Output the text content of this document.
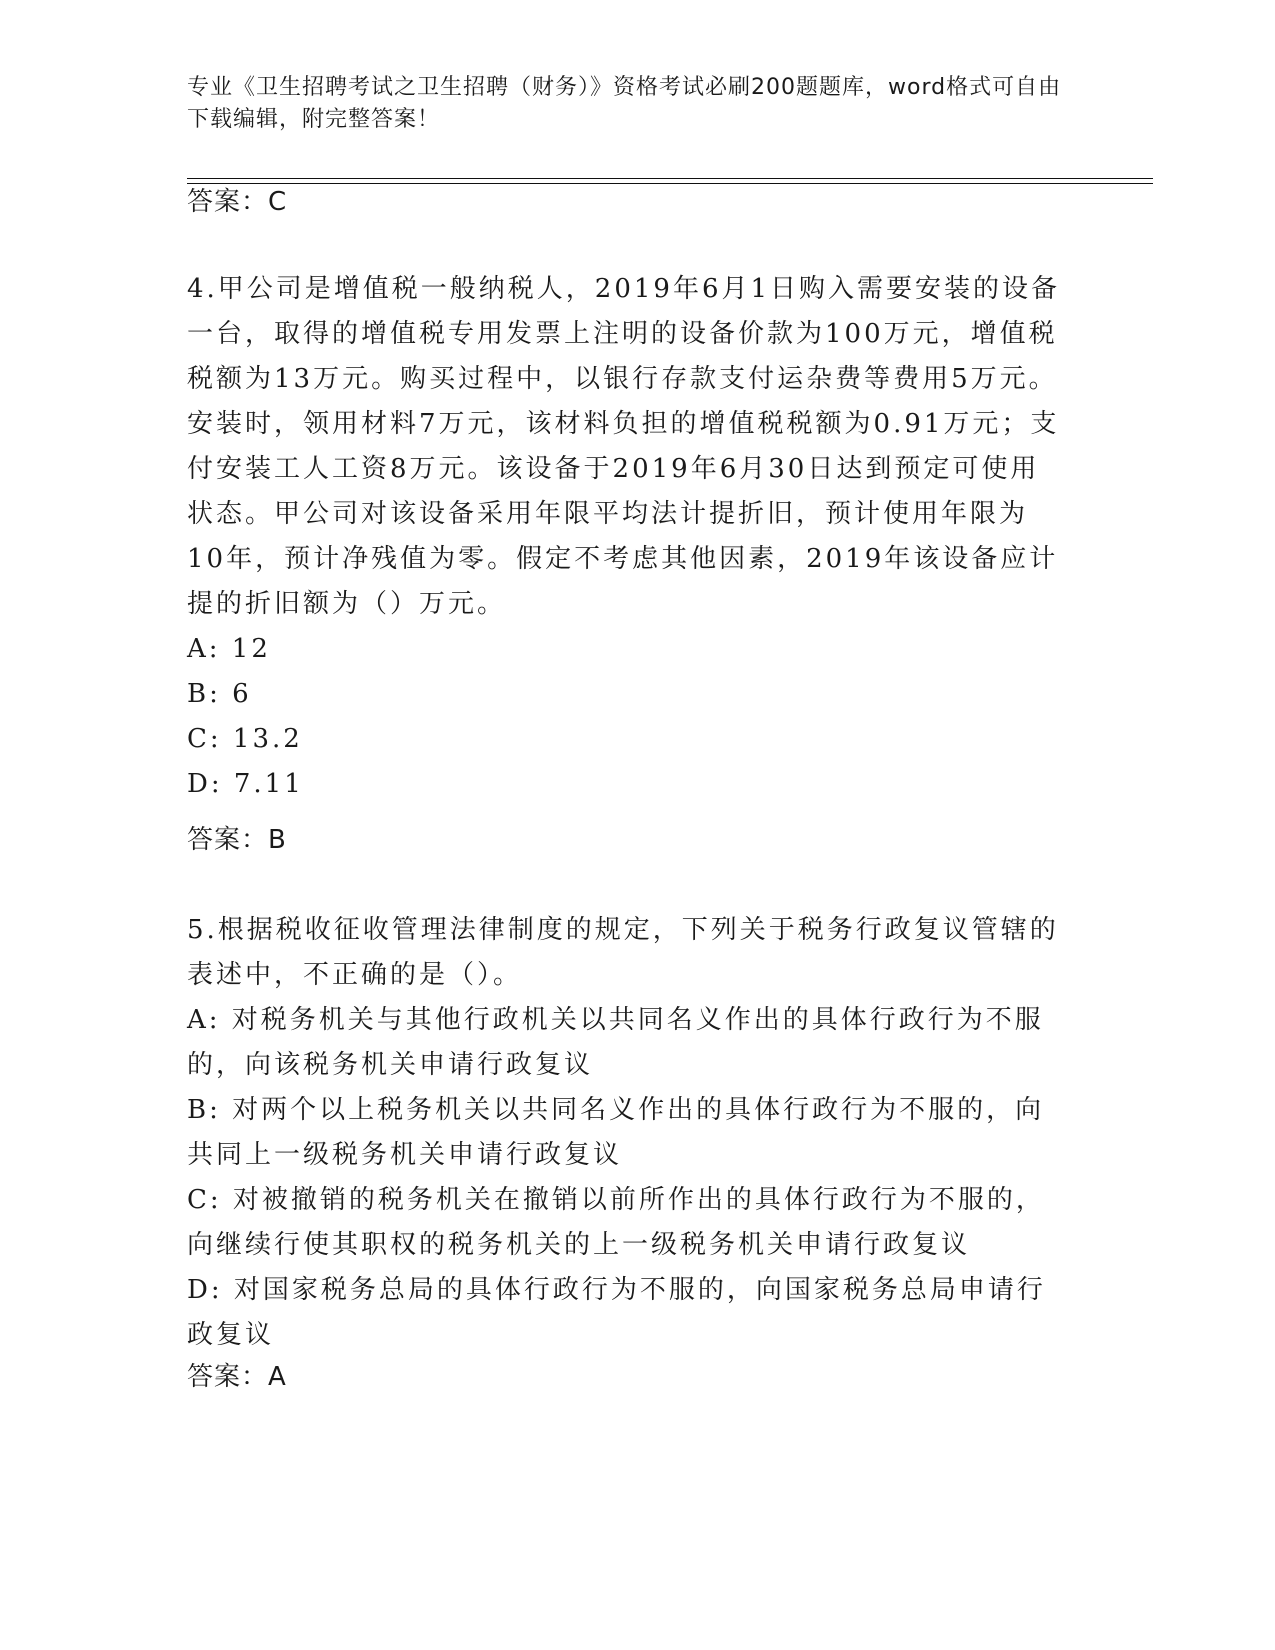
专业《卫生招聘考试之卫生招聘（财务）》资格考试必刷200题题库，word格式可自由下载编辑，附完整答案！
答案：C

4.甲公司是增值税一般纳税人，2019年6月1日购入需要安装的设备一台，取得的增值税专用发票上注明的设备价款为100万元，增值税税额为13万元。购买过程中，以银行存款支付运杂费等费用5万元。安装时，领用材料7万元，该材料负担的增值税税额为0.91万元；支付安装工人工资8万元。该设备于2019年6月30日达到预定可使用状态。甲公司对该设备采用年限平均法计提折旧，预计使用年限为10年，预计净残值为零。假定不考虑其他因素，2019年该设备应计提的折旧额为（）万元。

A: 12

B: 6

C: 13.2

D: 7.11

答案：B

5.根据税收征收管理法律制度的规定，下列关于税务行政复议管辖的表述中，不正确的是（）。

A: 对税务机关与其他行政机关以共同名义作出的具体行政行为不服的，向该税务机关申请行政复议

B: 对两个以上税务机关以共同名义作出的具体行政行为不服的，向共同上一级税务机关申请行政复议

C: 对被撤销的税务机关在撤销以前所作出的具体行政行为不服的，向继续行使其职权的税务机关的上一级税务机关申请行政复议

D: 对国家税务总局的具体行政行为不服的，向国家税务总局申请行政复议

答案：A
